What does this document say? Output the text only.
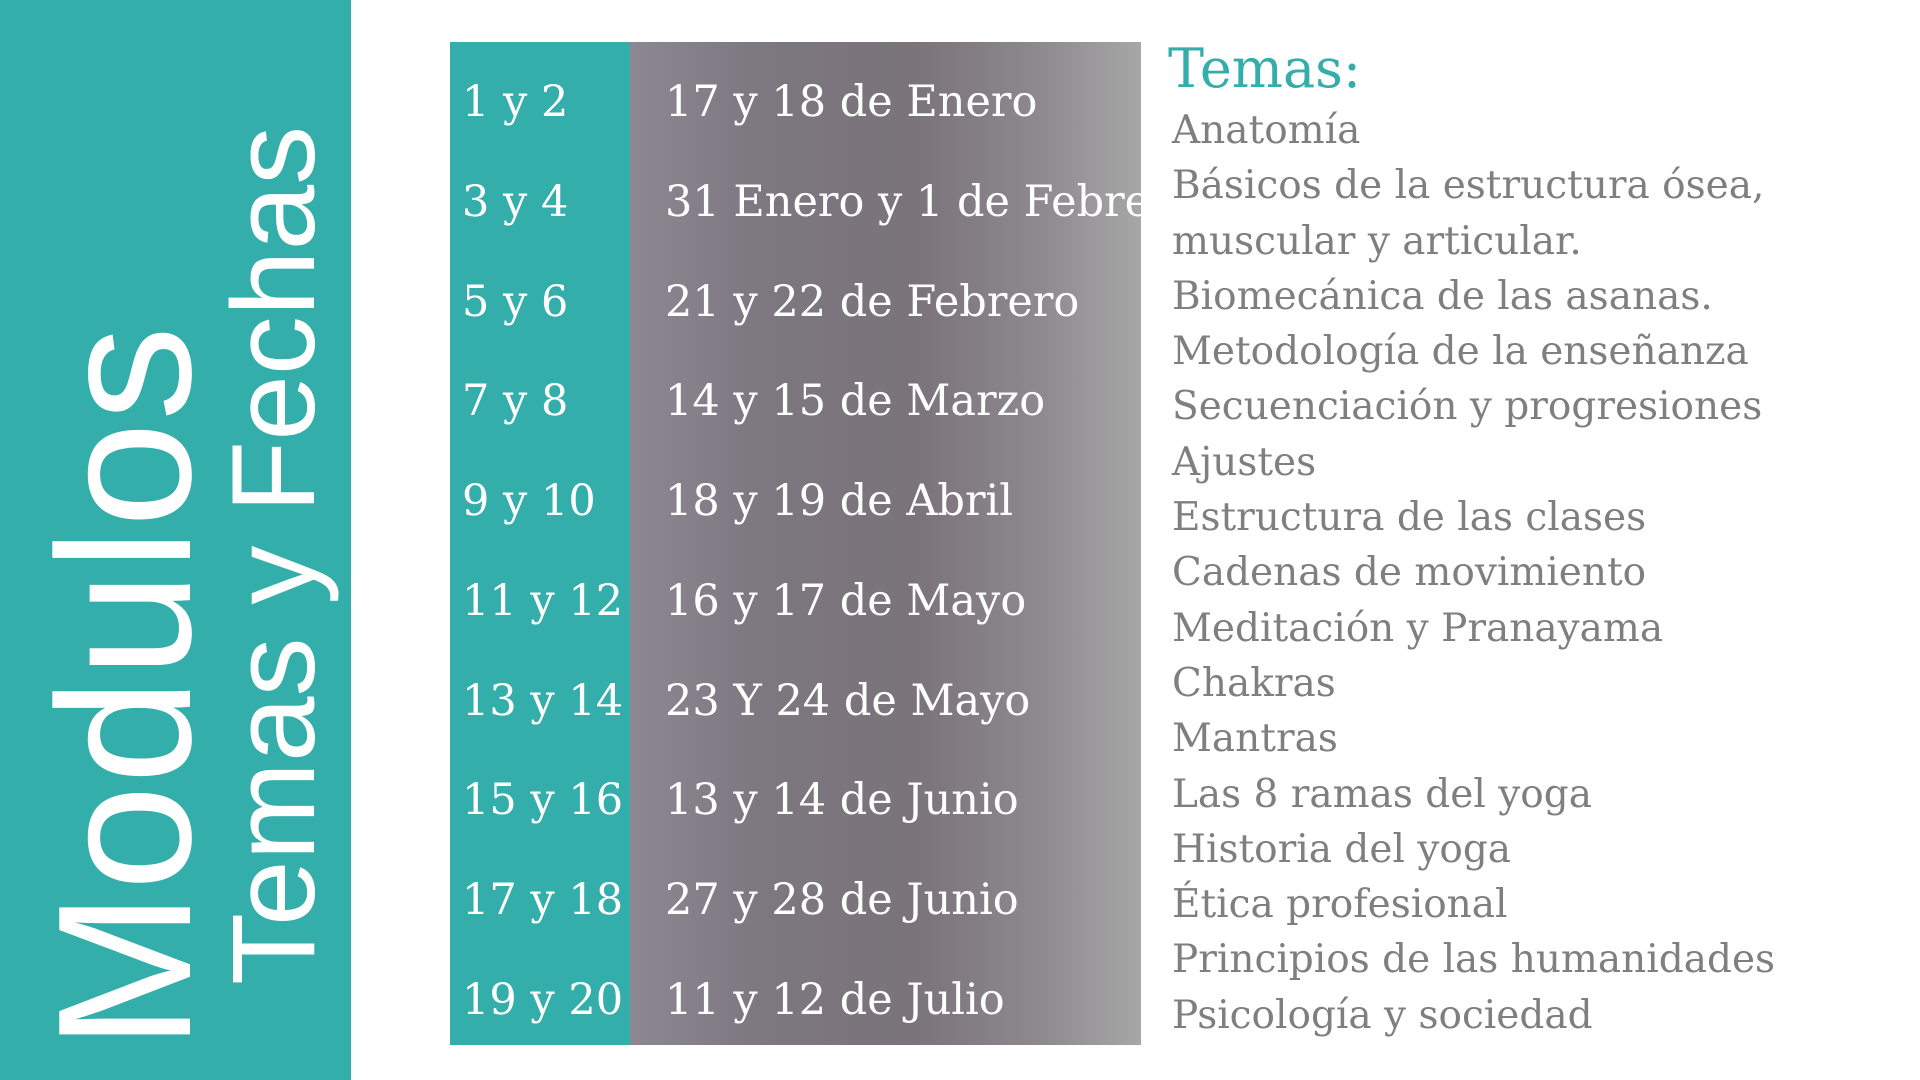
Modulos
Temas y Fechas
1 y 2
3 y 4
5 y 6
7 y 8
9 y 10
11 y 12
13 y 14
15 y 16
17 y 18
19 y 20
17 y 18 de Enero
31 Enero y 1 de Febrero
21 y 22 de Febrero
14 y 15 de Marzo
18 y 19 de Abril
16 y 17 de Mayo
23 Y 24 de Mayo
13 y 14 de Junio
27 y 28 de Junio
11 y 12 de Julio
Temas:
Anatomía
Básicos de la estructura ósea,
muscular y articular.
Biomecánica de las asanas.
Metodología de la enseñanza
Secuenciación y progresiones
Ajustes
Estructura de las clases
Cadenas de movimiento
Meditación y Pranayama
Chakras
Mantras
Las 8 ramas del yoga
Historia del yoga
Ética profesional
Principios de las humanidades
Psicología y sociedad
